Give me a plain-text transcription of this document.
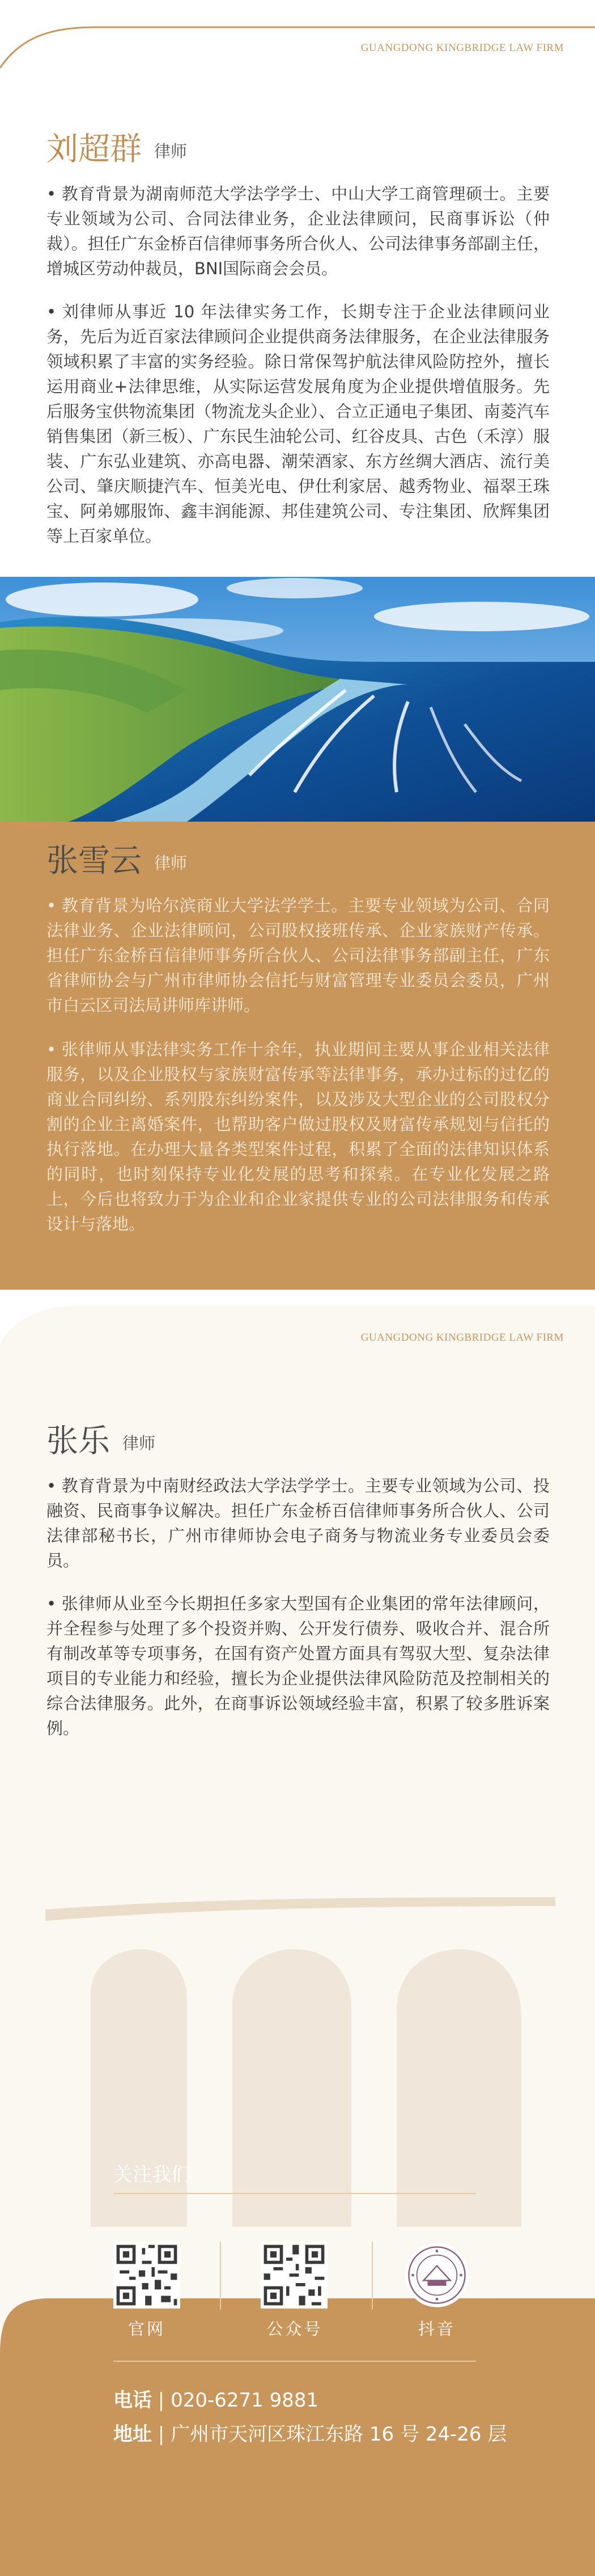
GUANGDONG KINGBRIDGE LAW FIRM
刘超群 律师
• 教育背景为湖南师范大学法学学士、中山大学工商管理硕士。主要专业领域为公司、合同法律业务，企业法律顾问，民商事诉讼（仲裁）。担任广东金桥百信律师事务所合伙人、公司法律事务部副主任，增城区劳动仲裁员，BNI国际商会会员。
• 刘律师从事近 10 年法律实务工作，长期专注于企业法律顾问业务，先后为近百家法律顾问企业提供商务法律服务，在企业法律服务领域积累了丰富的实务经验。除日常保驾护航法律风险防控外，擅长运用商业+法律思维，从实际运营发展角度为企业提供增值服务。先后服务宝供物流集团（物流龙头企业）、合立正通电子集团、南菱汽车销售集团（新三板）、广东民生油轮公司、红谷皮具、古色（禾淳）服装、广东弘业建筑、亦高电器、潮荣酒家、东方丝绸大酒店、流行美公司、肇庆顺捷汽车、恒美光电、伊仕利家居、越秀物业、福翠王珠宝、阿弟娜服饰、鑫丰润能源、邦佳建筑公司、专注集团、欣辉集团等上百家单位。
张雪云 律师
• 教育背景为哈尔滨商业大学法学学士。主要专业领域为公司、合同法律业务、企业法律顾问，公司股权接班传承、企业家族财产传承。担任广东金桥百信律师事务所合伙人、公司法律事务部副主任，广东省律师协会与广州市律师协会信托与财富管理专业委员会委员，广州市白云区司法局讲师库讲师。
• 张律师从事法律实务工作十余年，执业期间主要从事企业相关法律服务，以及企业股权与家族财富传承等法律事务，承办过标的过亿的商业合同纠纷、系列股东纠纷案件，以及涉及大型企业的公司股权分割的企业主离婚案件，也帮助客户做过股权及财富传承规划与信托的执行落地。在办理大量各类型案件过程，积累了全面的法律知识体系的同时，也时刻保持专业化发展的思考和探索。在专业化发展之路上，今后也将致力于为企业和企业家提供专业的公司法律服务和传承设计与落地。
GUANGDONG KINGBRIDGE LAW FIRM
张乐 律师
• 教育背景为中南财经政法大学法学学士。主要专业领域为公司、投融资、民商事争议解决。担任广东金桥百信律师事务所合伙人、公司法律部秘书长，广州市律师协会电子商务与物流业务专业委员会委员。
• 张律师从业至今长期担任多家大型国有企业集团的常年法律顾问，并全程参与处理了多个投资并购、公开发行债券、吸收合并、混合所有制改革等专项事务，在国有资产处置方面具有驾驭大型、复杂法律项目的专业能力和经验，擅长为企业提供法律风险防范及控制相关的综合法律服务。此外，在商事诉讼领域经验丰富，积累了较多胜诉案例。
关注我们
官网	公众号	抖音
电话 | 020-6271 9881
地址 | 广州市天河区珠江东路 16 号 24-26 层
